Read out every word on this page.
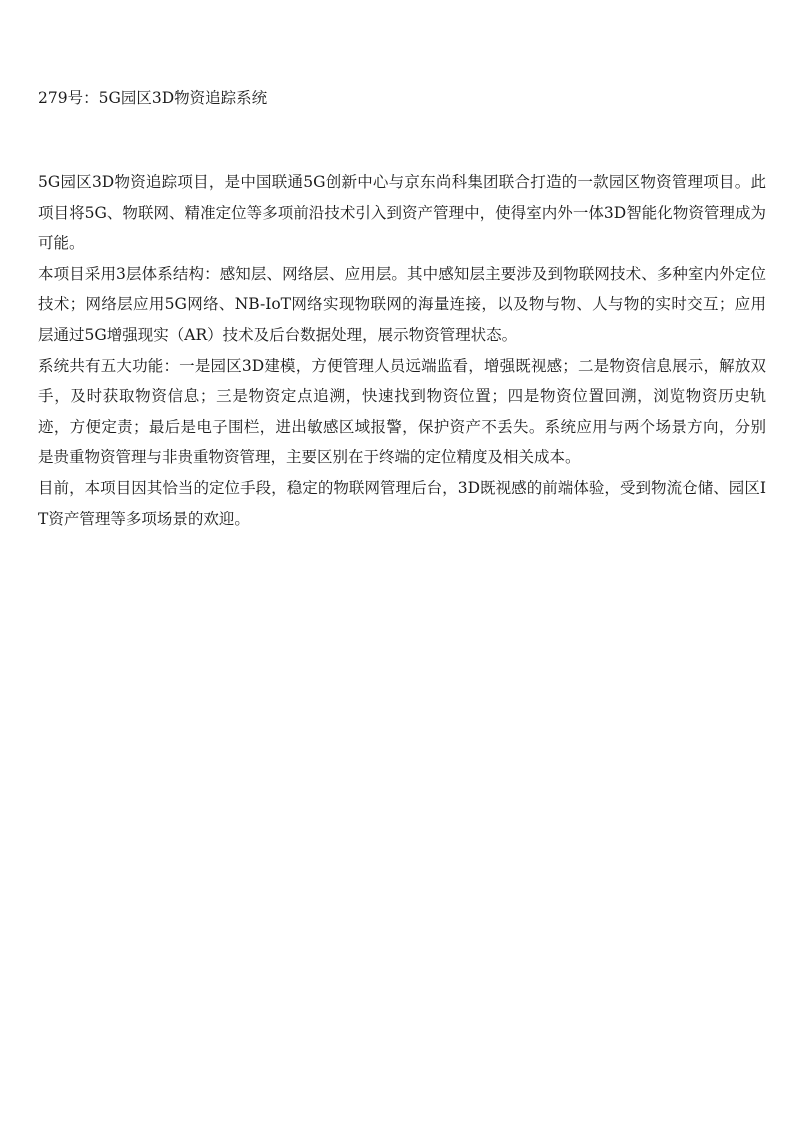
279号：5G园区3D物资追踪系统

5G园区3D物资追踪项目，是中国联通5G创新中心与京东尚科集团联合打造的一款园区物资管理项目。此项目将5G、物联网、精准定位等多项前沿技术引入到资产管理中，使得室内外一体3D智能化物资管理成为可能。

本项目采用3层体系结构：感知层、网络层、应用层。其中感知层主要涉及到物联网技术、多种室内外定位技术；网络层应用5G网络、NB-IoT网络实现物联网的海量连接，以及物与物、人与物的实时交互；应用层通过5G增强现实（AR）技术及后台数据处理，展示物资管理状态。

系统共有五大功能：一是园区3D建模，方便管理人员远端监看，增强既视感；二是物资信息展示，解放双手，及时获取物资信息；三是物资定点追溯，快速找到物资位置；四是物资位置回溯，浏览物资历史轨迹，方便定责；最后是电子围栏，进出敏感区域报警，保护资产不丢失。系统应用与两个场景方向，分别是贵重物资管理与非贵重物资管理，主要区别在于终端的定位精度及相关成本。

目前，本项目因其恰当的定位手段，稳定的物联网管理后台，3D既视感的前端体验，受到物流仓储、园区IT资产管理等多项场景的欢迎。
